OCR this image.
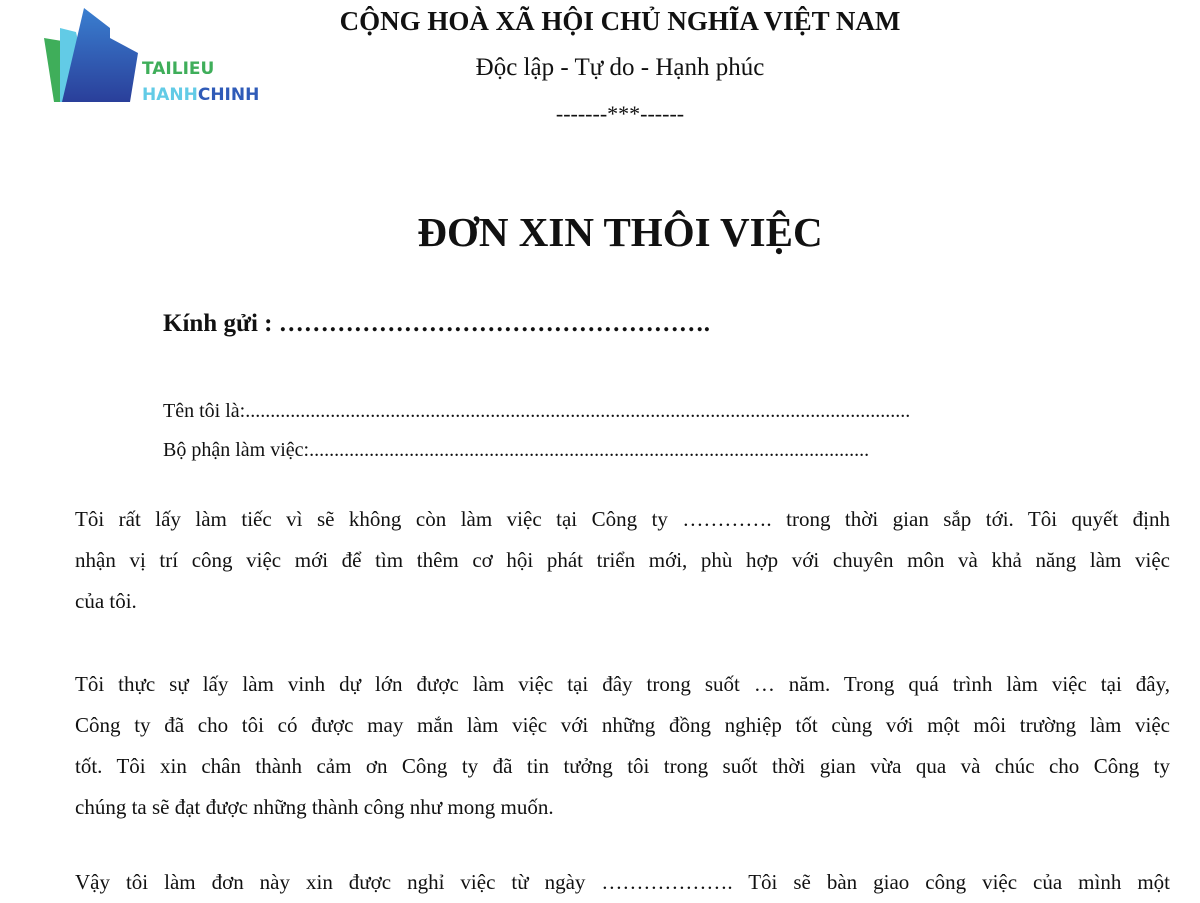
TAILIEU
HANHCHINH
CỘNG HOÀ XÃ HỘI CHỦ NGHĨA VIỆT NAM
Độc lập - Tự do - Hạnh phúc
-------***------
ĐƠN XIN THÔI VIỆC
Kính gửi : …………………………………………….
Tên tôi là:.....................................................................................................................................
Bộ phận làm việc:................................................................................................................
Tôi rất lấy làm tiếc vì sẽ không còn làm việc tại Công ty …………. trong thời gian sắp tới. Tôi quyết định
nhận vị trí công việc mới để tìm thêm cơ hội phát triển mới, phù hợp với chuyên môn và khả năng làm việc
của tôi.
Tôi thực sự lấy làm vinh dự lớn được làm việc tại đây trong suốt … năm. Trong quá trình làm việc tại đây,
Công ty đã cho tôi có được may mắn làm việc với những đồng nghiệp tốt cùng với một môi trường làm việc
tốt. Tôi xin chân thành cảm ơn Công ty đã tin tưởng tôi trong suốt thời gian vừa qua và chúc cho Công ty
chúng ta sẽ đạt được những thành công như mong muốn.
Vậy tôi làm đơn này xin được nghỉ việc từ ngày ………………. Tôi sẽ bàn giao công việc của mình một
